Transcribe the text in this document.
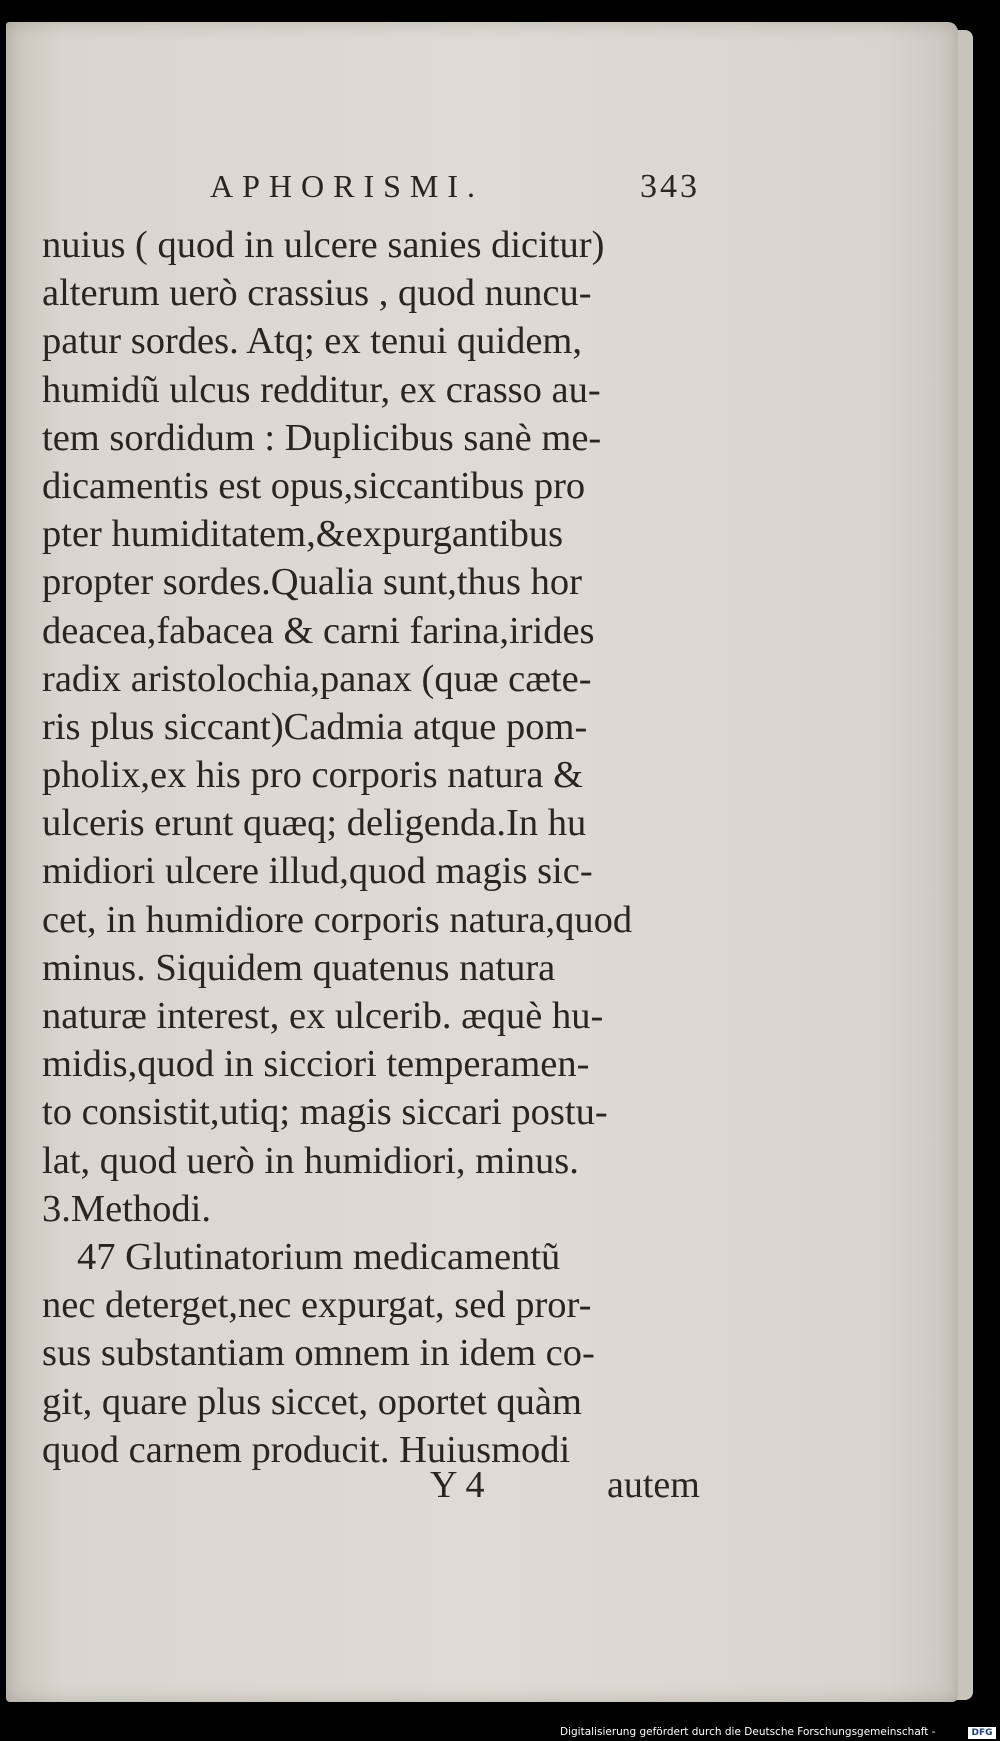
APHORISMI.	343
nuius ( quod in ulcere sanies dicitur)
alterum uerò crassius , quod nuncu-
patur sordes. Atq; ex tenui quidem,
humidũ ulcus redditur, ex crasso au-
tem sordidum : Duplicibus sanè me-
dicamentis est opus,siccantibus pro
pter humiditatem,&expurgantibus
propter sordes.Qualia sunt,thus hor
deacea,fabacea & carni farina,irides
radix aristolochia,panax (quæ cæte-
ris plus siccant)Cadmia atque pom-
pholix,ex his pro corporis natura &
ulceris erunt quæq; deligenda.In hu
midiori ulcere illud,quod magis sic-
cet, in humidiore corporis natura,quod
minus. Siquidem quatenus natura
naturæ interest, ex ulcerib. æquè hu-
midis,quod in sicciori temperamen-
to consistit,utiq; magis siccari postu-
lat, quod uerò in humidiori, minus.
3.Methodi.
47 Glutinatorium medicamentũ
nec deterget,nec expurgat, sed pror-
sus substantiam omnem in idem co-
git, quare plus siccet, oportet quàm
quod carnem producit. Huiusmodi
Y 4	autem
Digitalisierung gefördert durch die Deutsche Forschungsgemeinschaft -	DFG
